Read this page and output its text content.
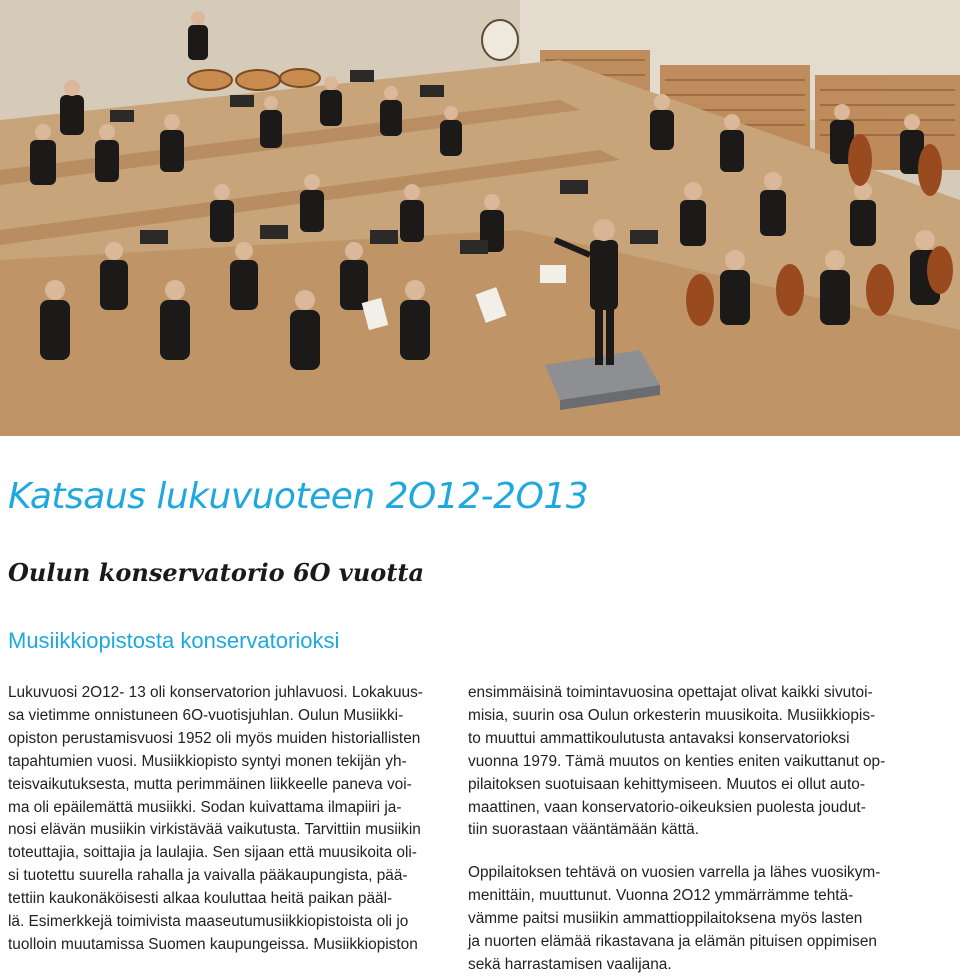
Katsaus lukuvuoteen 2O12-2O13
Oulun konservatorio 6O vuotta
Musiikkiopistosta konservatorioksi
Lukuvuosi 2O12- 13 oli konservatorion juhlavuosi. Lokakuus-
sa vietimme onnistuneen 6O-vuotisjuhlan. Oulun Musiikki-
opiston perustamisvuosi 1952 oli myös muiden historiallisten
tapahtumien vuosi. Musiikkiopisto syntyi monen tekijän yh-
teisvaikutuksesta, mutta perimmäinen liikkeelle paneva voi-
ma oli epäilemättä musiikki. Sodan kuivattama ilmapiiri ja-
nosi elävän musiikin virkistävää vaikutusta. Tarvittiin musiikin
toteuttajia, soittajia ja laulajia. Sen sijaan että muusikoita oli-
si tuotettu suurella rahalla ja vaivalla pääkaupungista, pää-
tettiin kaukonäköisesti alkaa kouluttaa heitä paikan pääl-
lä. Esimerkkejä toimivista maaseutumusiikkiopistoista oli jo
tuolloin muutamissa Suomen kaupungeissa. Musiikkiopiston
ensimmäisinä toimintavuosina opettajat olivat kaikki sivutoi-
misia, suurin osa Oulun orkesterin muusikoita. Musiikkiopis-
to muuttui ammattikoulutusta antavaksi konservatorioksi
vuonna 1979. Tämä muutos on kenties eniten vaikuttanut op-
pilaitoksen suotuisaan kehittymiseen. Muutos ei ollut auto-
maattinen, vaan konservatorio-oikeuksien puolesta joudut-
tiin suorastaan vääntämään kättä.
Oppilaitoksen tehtävä on vuosien varrella ja lähes vuosikym-
menittäin, muuttunut. Vuonna 2O12 ymmärrämme tehtä-
vämme paitsi musiikin ammattioppilaitoksena myös lasten
ja nuorten elämää rikastavana ja elämän pituisen oppimisen
sekä harrastamisen vaalijana.
